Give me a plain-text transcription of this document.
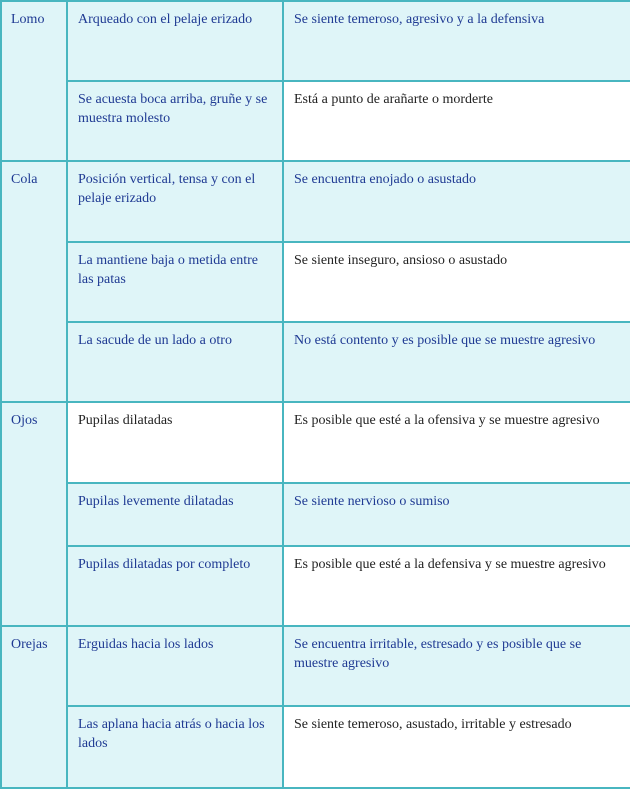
Lomo	Arqueado con el pelaje erizado	Se siente temeroso, agresivo y a la defensiva
	Se acuesta boca arriba, gruñe y se muestra molesto	Está a punto de arañarte o morderte
Cola	Posición vertical, tensa y con el pelaje erizado	Se encuentra enojado o asustado
	La mantiene baja o metida entre las patas	Se siente inseguro, ansioso o asustado
	La sacude de un lado a otro	No está contento y es posible que se muestre agresivo
Ojos	Pupilas dilatadas	Es posible que esté a la ofensiva y se muestre agresivo
	Pupilas levemente dilatadas	Se siente nervioso o sumiso
	Pupilas dilatadas por completo	Es posible que esté a la defensiva y se muestre agresivo
Orejas	Erguidas hacia los lados	Se encuentra irritable, estresado y es posible que se muestre agresivo
	Las aplana hacia atrás o hacia los lados	Se siente temeroso, asustado, irritable y estresado
